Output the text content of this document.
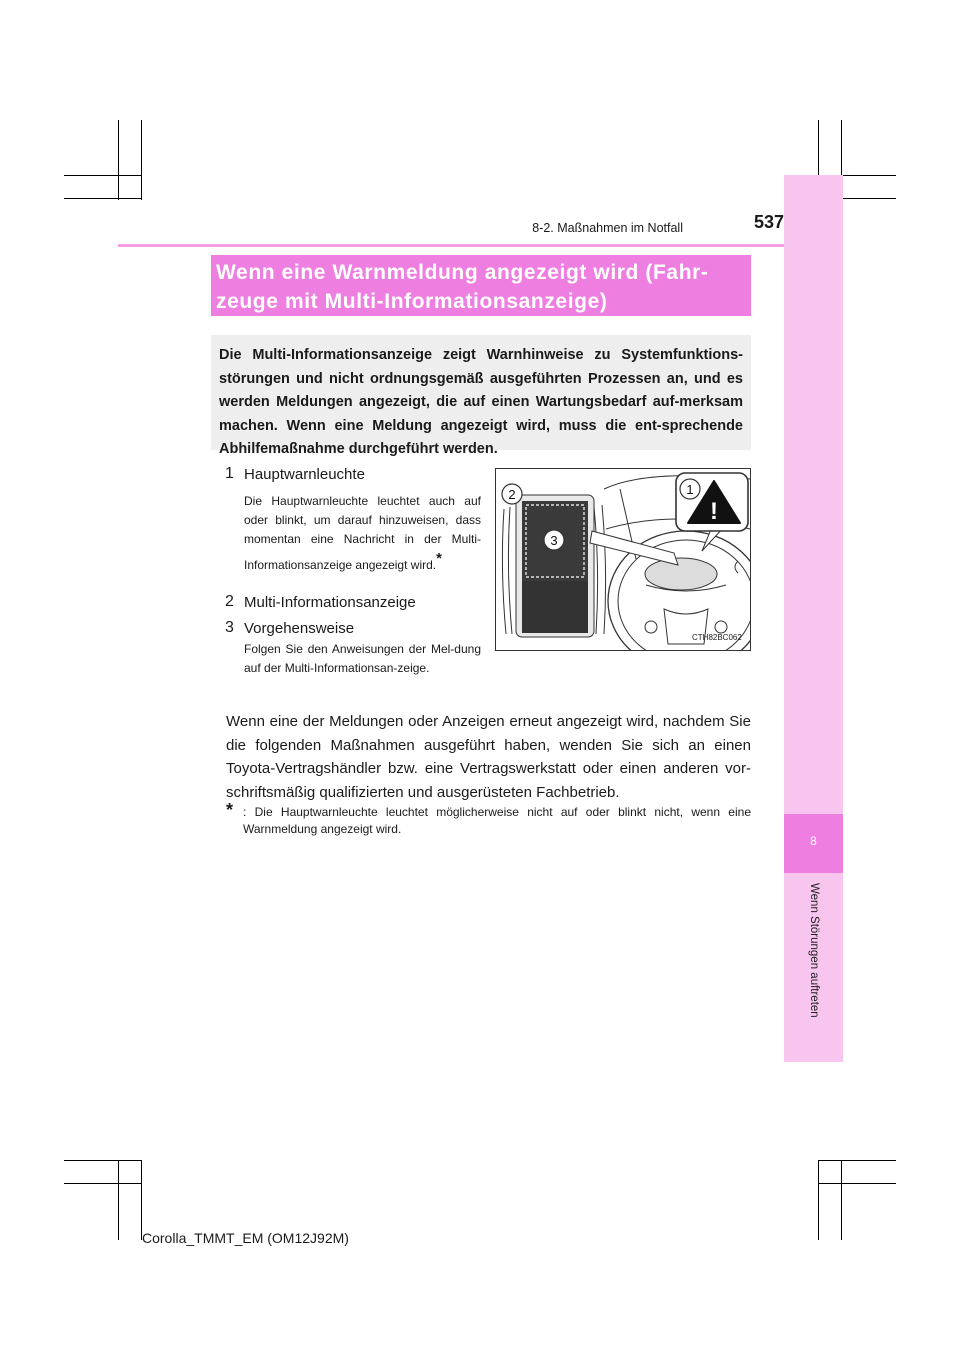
8
Wenn Störungen auftreten
8-2. Maßnahmen im Notfall	537
Wenn eine Warnmeldung angezeigt wird (Fahr-
zeuge mit Multi-Informationsanzeige)
Die Multi-Informationsanzeige zeigt Warnhinweise zu Systemfunktions-störungen und nicht ordnungsgemäß ausgeführten Prozessen an, und es werden Meldungen angezeigt, die auf einen Wartungsbedarf auf-merksam machen. Wenn eine Meldung angezeigt wird, muss die ent-sprechende Abhilfemaßnahme durchgeführt werden.
1 Hauptwarnleuchte
Die Hauptwarnleuchte leuchtet auch auf oder blinkt, um darauf hinzuweisen, dass momentan eine Nachricht in der Multi-Informationsanzeige angezeigt wird.*
2 Multi-Informationsanzeige
3 Vorgehensweise
Folgen Sie den Anweisungen der Mel-dung auf der Multi-Informationsan-zeige.
!
1
2
3
CTH82BC062
Wenn eine der Meldungen oder Anzeigen erneut angezeigt wird, nachdem Sie die folgenden Maßnahmen ausgeführt haben, wenden Sie sich an einen Toyota-Vertragshändler bzw. eine Vertragswerkstatt oder einen anderen vor-schriftsmäßig qualifizierten und ausgerüsteten Fachbetrieb.
* : Die Hauptwarnleuchte leuchtet möglicherweise nicht auf oder blinkt nicht, wenn eine Warnmeldung angezeigt wird.
Corolla_TMMT_EM (OM12J92M)
